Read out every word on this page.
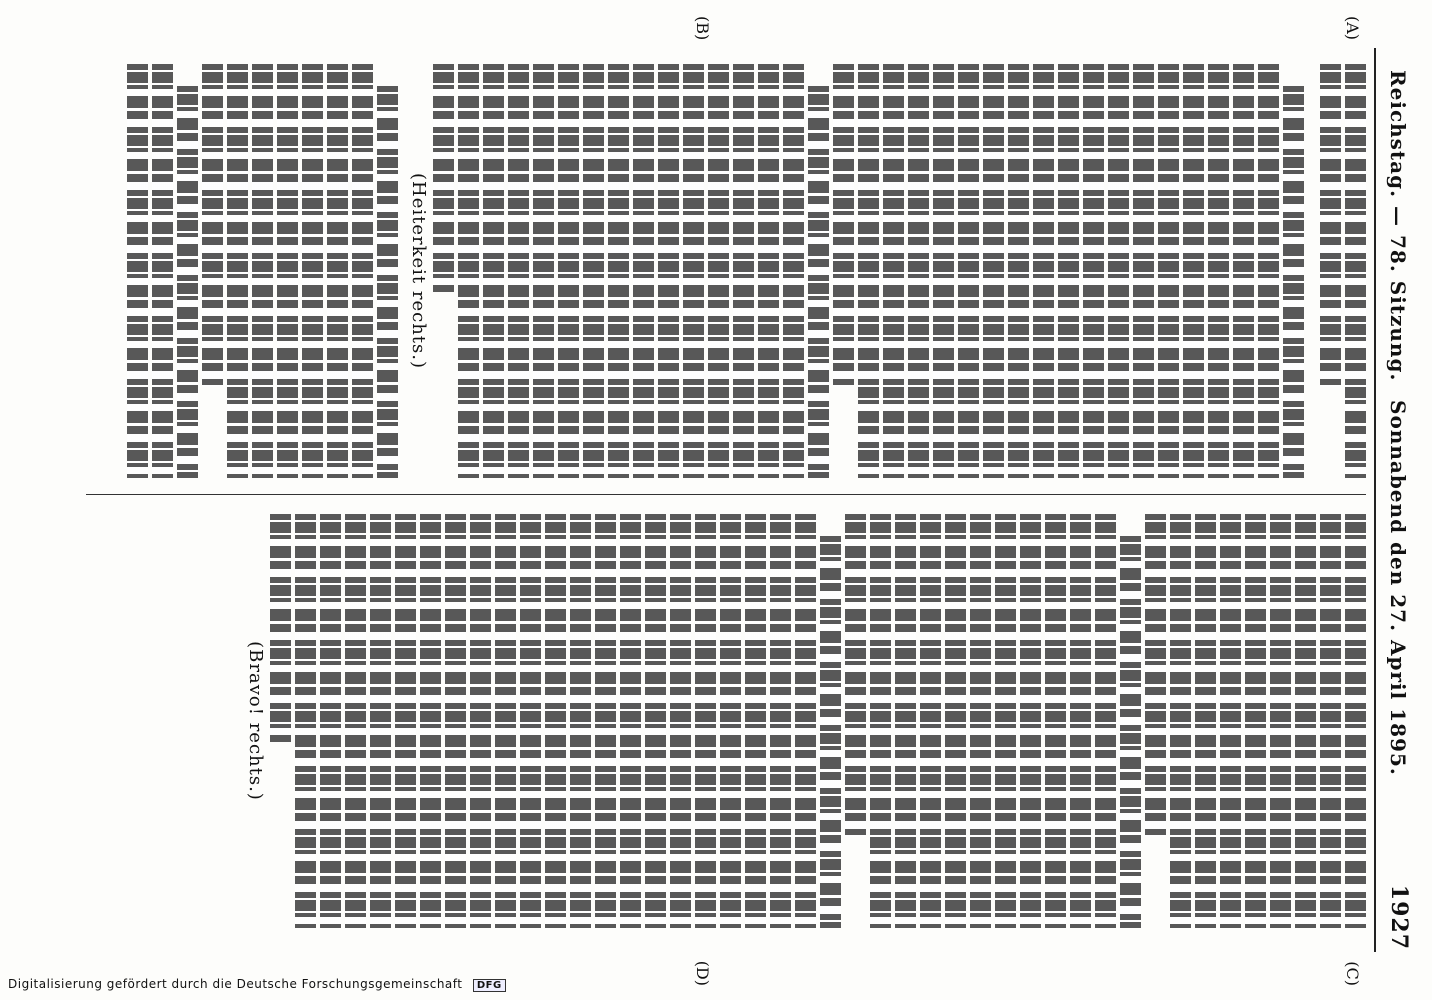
Reichstag. — 78. Sitzung.
Sonnabend den 27. April 1895.
1927
(A)
(B)
(C)
(D)
(Heiterkeit rechts.)
(Bravo! rechts.)
Digitalisierung gefördert durch die Deutsche Forschungsgemeinschaft DFG
